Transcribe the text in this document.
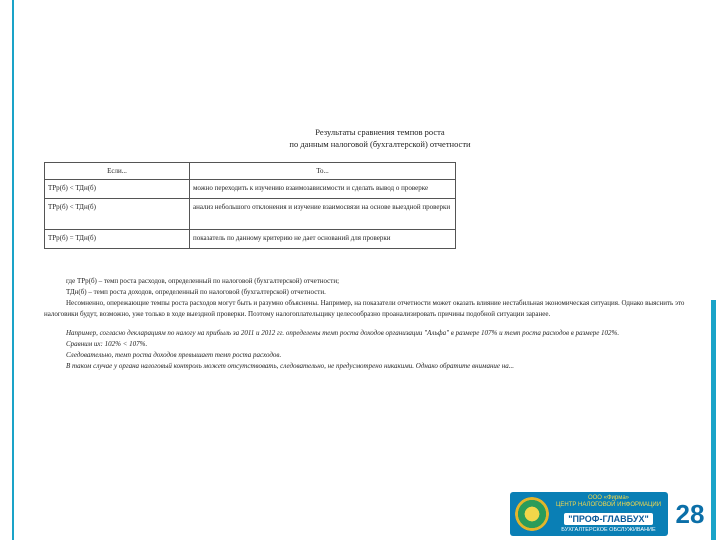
Результаты сравнения темпов роста
по данным налоговой (бухгалтерской) отчетности
Если...	То...
ТРр(б) < ТДн(б)	можно переходить к изучению взаимозависимости и сделать вывод о проверке
ТРр(б) < ТДн(б)	анализ небольшого отклонения и изучение взаимосвязи на основе выездной проверки
ТРр(б) = ТДн(б)	показатель по данному критерию не дает оснований для проверки

где ТРр(б) – темп роста расходов, определенный по налоговой (бухгалтерской) отчетности;

ТДн(б) – темп роста доходов, определенный по налоговой (бухгалтерской) отчетности.

Несомненно, опережающие темпы роста расходов могут быть и разумно объяснены. Например, на показатели отчетности может оказать влияние нестабильная экономическая ситуация. Однако выяснить это налоговики будут, возможно, уже только в ходе выездной проверки. Поэтому налогоплательщику целесообразно проанализировать причины подобной ситуации заранее.

Например, согласно декларациям по налогу на прибыль за 2011 и 2012 гг. определены темп роста доходов организации "Альфа" в размере 107% и темп роста расходов в размере 102%.

Сравним их: 102% < 107%.

Следовательно, темп роста доходов превышает темп роста расходов.

В таком случае у органа налоговый контроль может отсутствовать, следовательно, не предусмотрено никакими. Однако обратите внимание на...

ООО «Фирма»
ЦЕНТР НАЛОГОВОЙ ИНФОРМАЦИИ
"ПРОФ-ГЛАВБУХ"
БУХГАЛТЕРСКОЕ ОБСЛУЖИВАНИЕ
28
